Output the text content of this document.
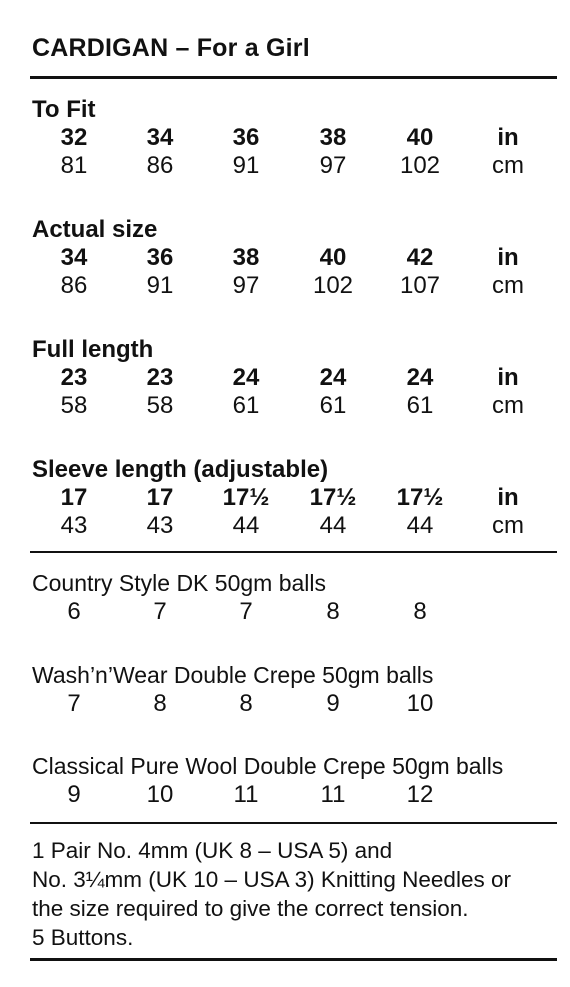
CARDIGAN – For a Girl
To Fit
32	34	36	38	40	in
81	86	91	97	102	cm
Actual size
34	36	38	40	42	in
86	91	97	102	107	cm
Full length
23	23	24	24	24	in
58	58	61	61	61	cm
Sleeve length (adjustable)
17	17	17½	17½	17½	in
43	43	44	44	44	cm
Country Style DK 50gm balls
6	7	7	8	8
Wash’n’Wear Double Crepe 50gm balls
7	8	8	9	10
Classical Pure Wool Double Crepe 50gm balls
9	10	11	11	12
1 Pair No. 4mm (UK 8 – USA 5) and
No. 3¼mm (UK 10 – USA 3) Knitting Needles or
the size required to give the correct tension.
5 Buttons.
